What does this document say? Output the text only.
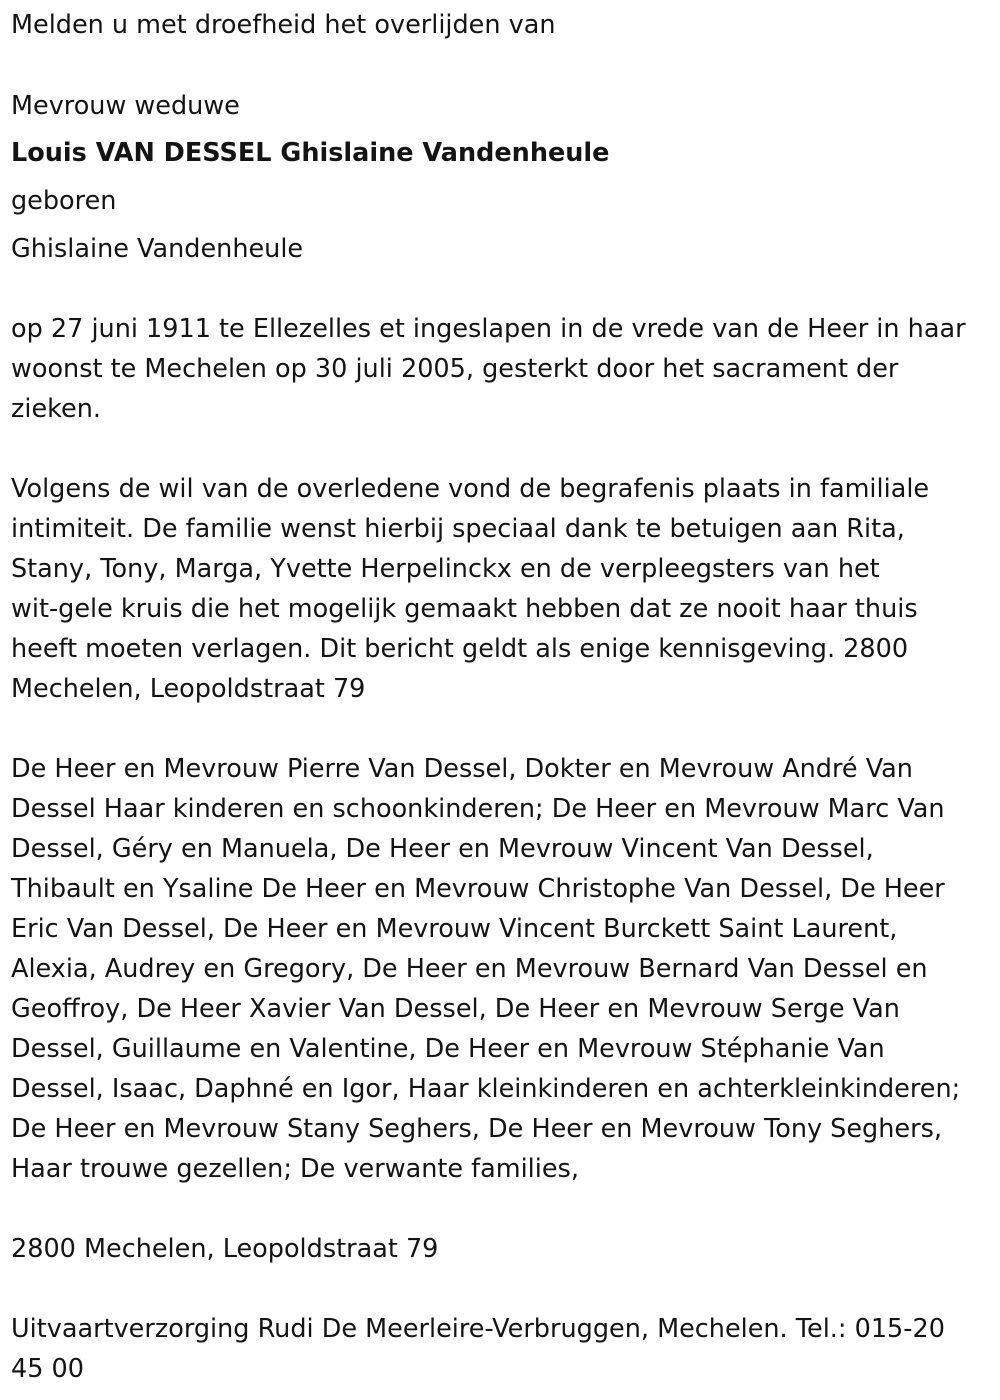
Melden u met droefheid het overlijden van

Mevrouw weduwe

Louis VAN DESSEL Ghislaine Vandenheule

geboren

Ghislaine Vandenheule

op 27 juni 1911 te Ellezelles et ingeslapen in de vrede van de Heer in haar
woonst te Mechelen op 30 juli 2005, gesterkt door het sacrament der
zieken.
Volgens de wil van de overledene vond de begrafenis plaats in familiale
intimiteit. De familie wenst hierbij speciaal dank te betuigen aan Rita,
Stany, Tony, Marga, Yvette Herpelinckx en de verpleegsters van het
wit-gele kruis die het mogelijk gemaakt hebben dat ze nooit haar thuis
heeft moeten verlagen. Dit bericht geldt als enige kennisgeving. 2800
Mechelen, Leopoldstraat 79
De Heer en Mevrouw Pierre Van Dessel, Dokter en Mevrouw André Van
Dessel Haar kinderen en schoonkinderen; De Heer en Mevrouw Marc Van
Dessel, Géry en Manuela, De Heer en Mevrouw Vincent Van Dessel,
Thibault en Ysaline De Heer en Mevrouw Christophe Van Dessel, De Heer
Eric Van Dessel, De Heer en Mevrouw Vincent Burckett Saint Laurent,
Alexia, Audrey en Gregory, De Heer en Mevrouw Bernard Van Dessel en
Geoffroy, De Heer Xavier Van Dessel, De Heer en Mevrouw Serge Van
Dessel, Guillaume en Valentine, De Heer en Mevrouw Stéphanie Van
Dessel, Isaac, Daphné en Igor, Haar kleinkinderen en achterkleinkinderen;
De Heer en Mevrouw Stany Seghers, De Heer en Mevrouw Tony Seghers,
Haar trouwe gezellen; De verwante families,

2800 Mechelen, Leopoldstraat 79

Uitvaartverzorging Rudi De Meerleire-Verbruggen, Mechelen. Tel.: 015-20
45 00
